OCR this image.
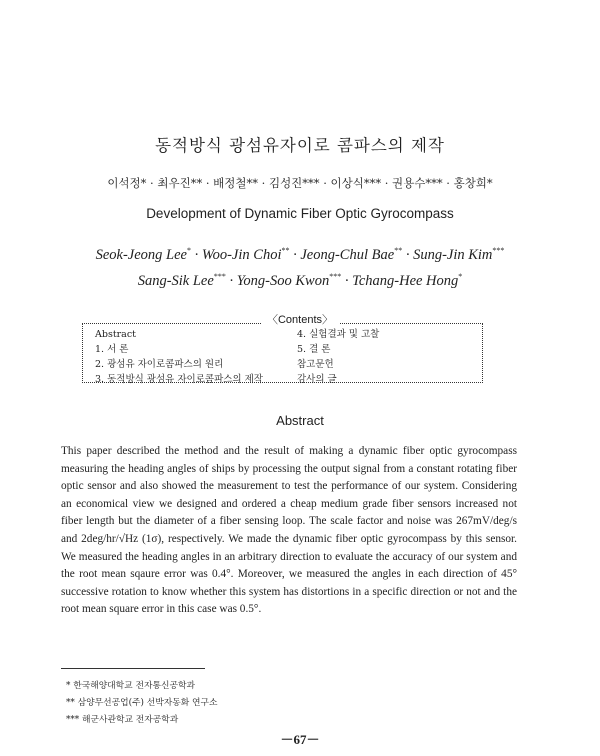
동적방식 광섬유자이로 콤파스의 제작
이석정* · 최우진** · 배정철** · 김성진*** · 이상식*** · 권용수*** · 홍창희*
Development of Dynamic Fiber Optic Gyrocompass
Seok-Jeong Lee* · Woo-Jin Choi** · Jeong-Chul Bae** · Sung-Jin Kim***
Sang-Sik Lee*** · Yong-Soo Kwon*** · Tchang-Hee Hong*
〈Contents〉
Abstract
1. 서 론
2. 광섬유 자이로콤파스의 원리
3. 동적방식 광섬유 자이로콤파스의 제작
4. 실험결과 및 고찰
5. 결 론
참고문헌
감사의 글
Abstract

This paper described the method and the result of making a dynamic fiber optic gyrocompass measuring the heading angles of ships by processing the output signal from a constant rotating fiber optic sensor and also showed the measurement to test the performance of our system. Considering an economical view we designed and ordered a cheap medium grade fiber sensors increased not fiber length but the diameter of a fiber sensing loop. The scale factor and noise was 267mV/deg/s and 2deg/hr/√Hz (1σ), respectively. We made the dynamic fiber optic gyrocompass by this sensor. We measured the heading angles in an arbitrary direction to evaluate the accuracy of our system and the root mean sqaure error was 0.4°. Moreover, we measured the angles in each direction of 45° successive rotation to know whether this system has distortions in a specific direction or not and the root mean square error in this case was 0.5°.

* 한국해양대학교 전자통신공학과
** 삼양무선공업(주) 선박자동화 연구소
*** 해군사관학교 전자공학과
－67－
